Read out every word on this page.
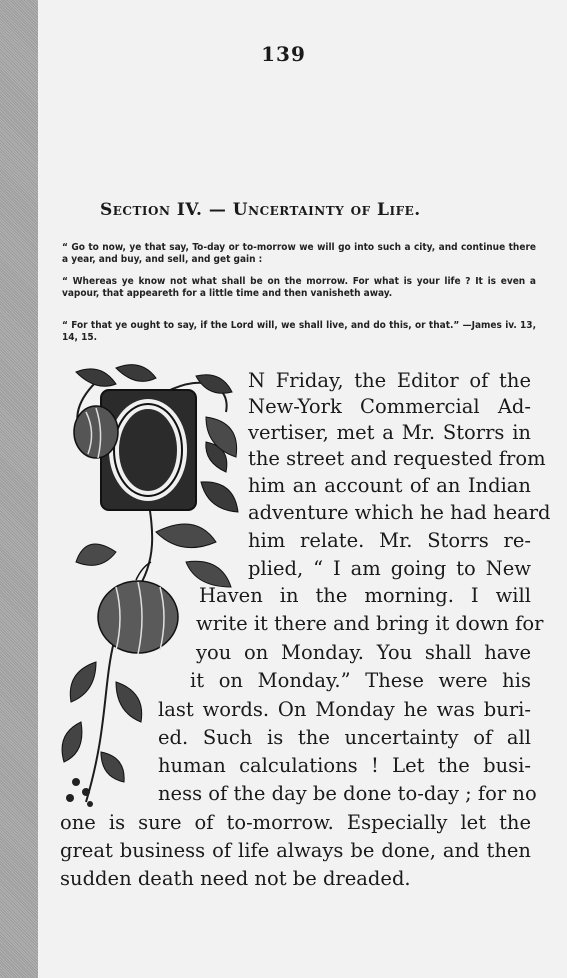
139
Section IV. — Uncertainty of Life.
“ Go to now, ye that say, To-day or to-morrow we will go into such a city, and continue there a year, and buy, and sell, and get gain :
“ Whereas ye know not what shall be on the morrow. For what is your life ? It is even a vapour, that appeareth for a little time and then vanisheth away.
“ For that ye ought to say, if the Lord will, we shall live, and do this, or that.” —James iv. 13, 14, 15.
N Friday, the Editor of the
New-York Commercial Ad-
vertiser, met a Mr. Storrs in
the street and requested from
him an account of an Indian
adventure which he had heard
him relate. Mr. Storrs re-
plied, “ I am going to New
Haven in the morning. I will
write it there and bring it down for
you on Monday. You shall have
it on Monday.” These were his
last words. On Monday he was buri-
ed. Such is the uncertainty of all
human calculations ! Let the busi-
ness of the day be done to-day ; for no
one is sure of to-morrow. Especially let the
great business of life always be done, and then
sudden death need not be dreaded.
